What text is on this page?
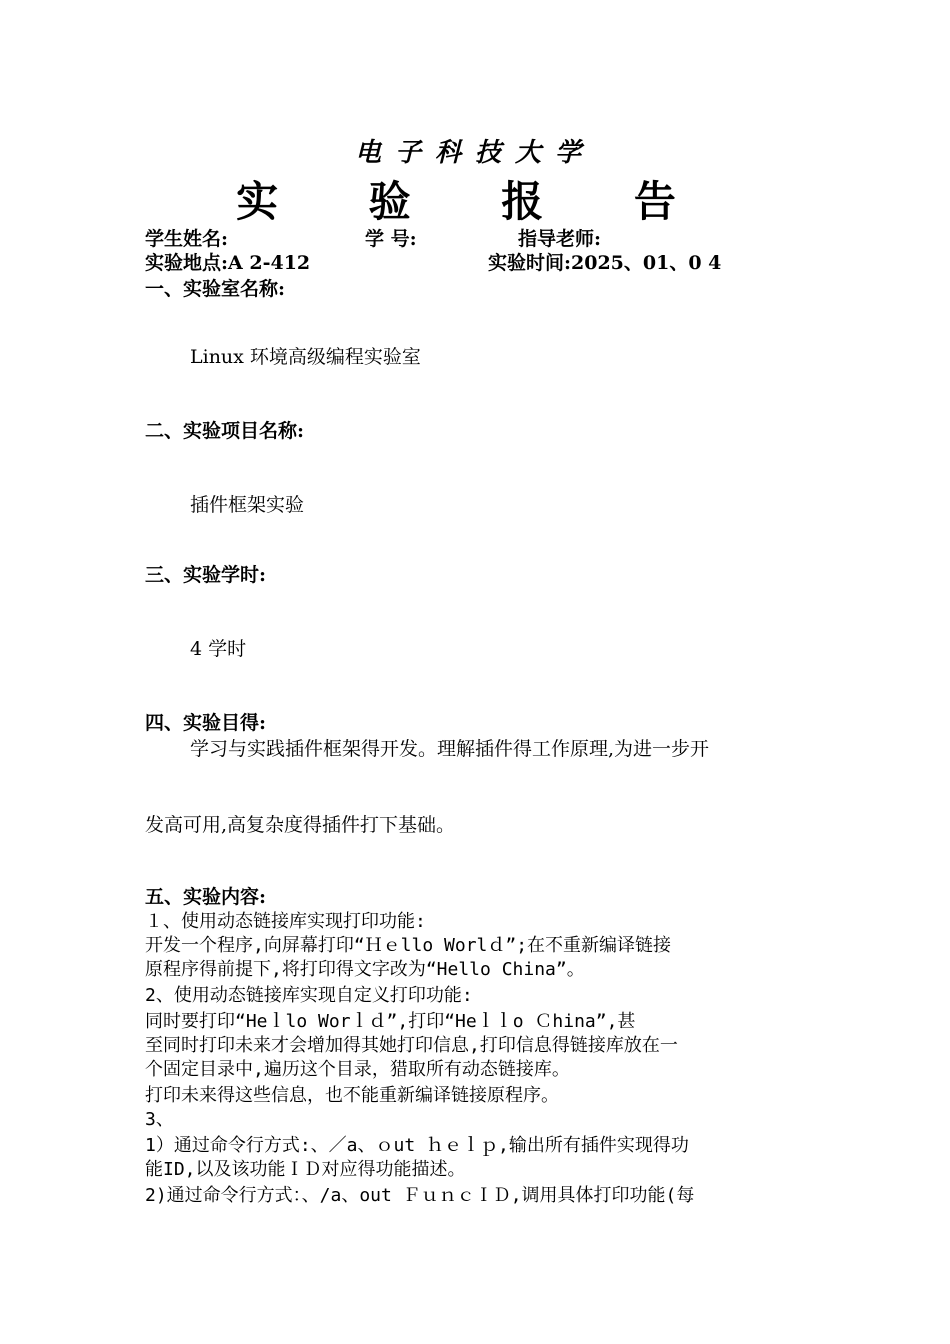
电子科技大学
实 验 报 告
学生姓名:	学 号:	指导老师:
实验地点:A 2-412	实验时间:2025、01、0 4
一、实验室名称:
Linux 环境高级编程实验室
二、实验项目名称:
插件框架实验
三、实验学时:
4 学时
四、实验目得:
学习与实践插件框架得开发。理解插件得工作原理,为进一步开
发高可用,高复杂度得插件打下基础。
五、实验内容:
１、使用动态链接库实现打印功能:
开发一个程序,向屏幕打印“Ｈｅllo Worlｄ”;在不重新编译链接
原程序得前提下,将打印得文字改为“Hello China”。
2、使用动态链接库实现自定义打印功能:
同时要打印“Heｌlo Worｌｄ”,打印“Heｌｌo Ｃhina”,甚
至同时打印未来才会增加得其她打印信息,打印信息得链接库放在一
个固定目录中,遍历这个目录，猎取所有动态链接库。
打印未来得这些信息，也不能重新编译链接原程序。
3、
1）通过命令行方式:、／a、ｏut ｈｅｌｐ,输出所有插件实现得功
能ID,以及该功能ＩＤ对应得功能描述。
2)通过命令行方式：、/a、out ＦｕｎｃＩＤ,调用具体打印功能(每
